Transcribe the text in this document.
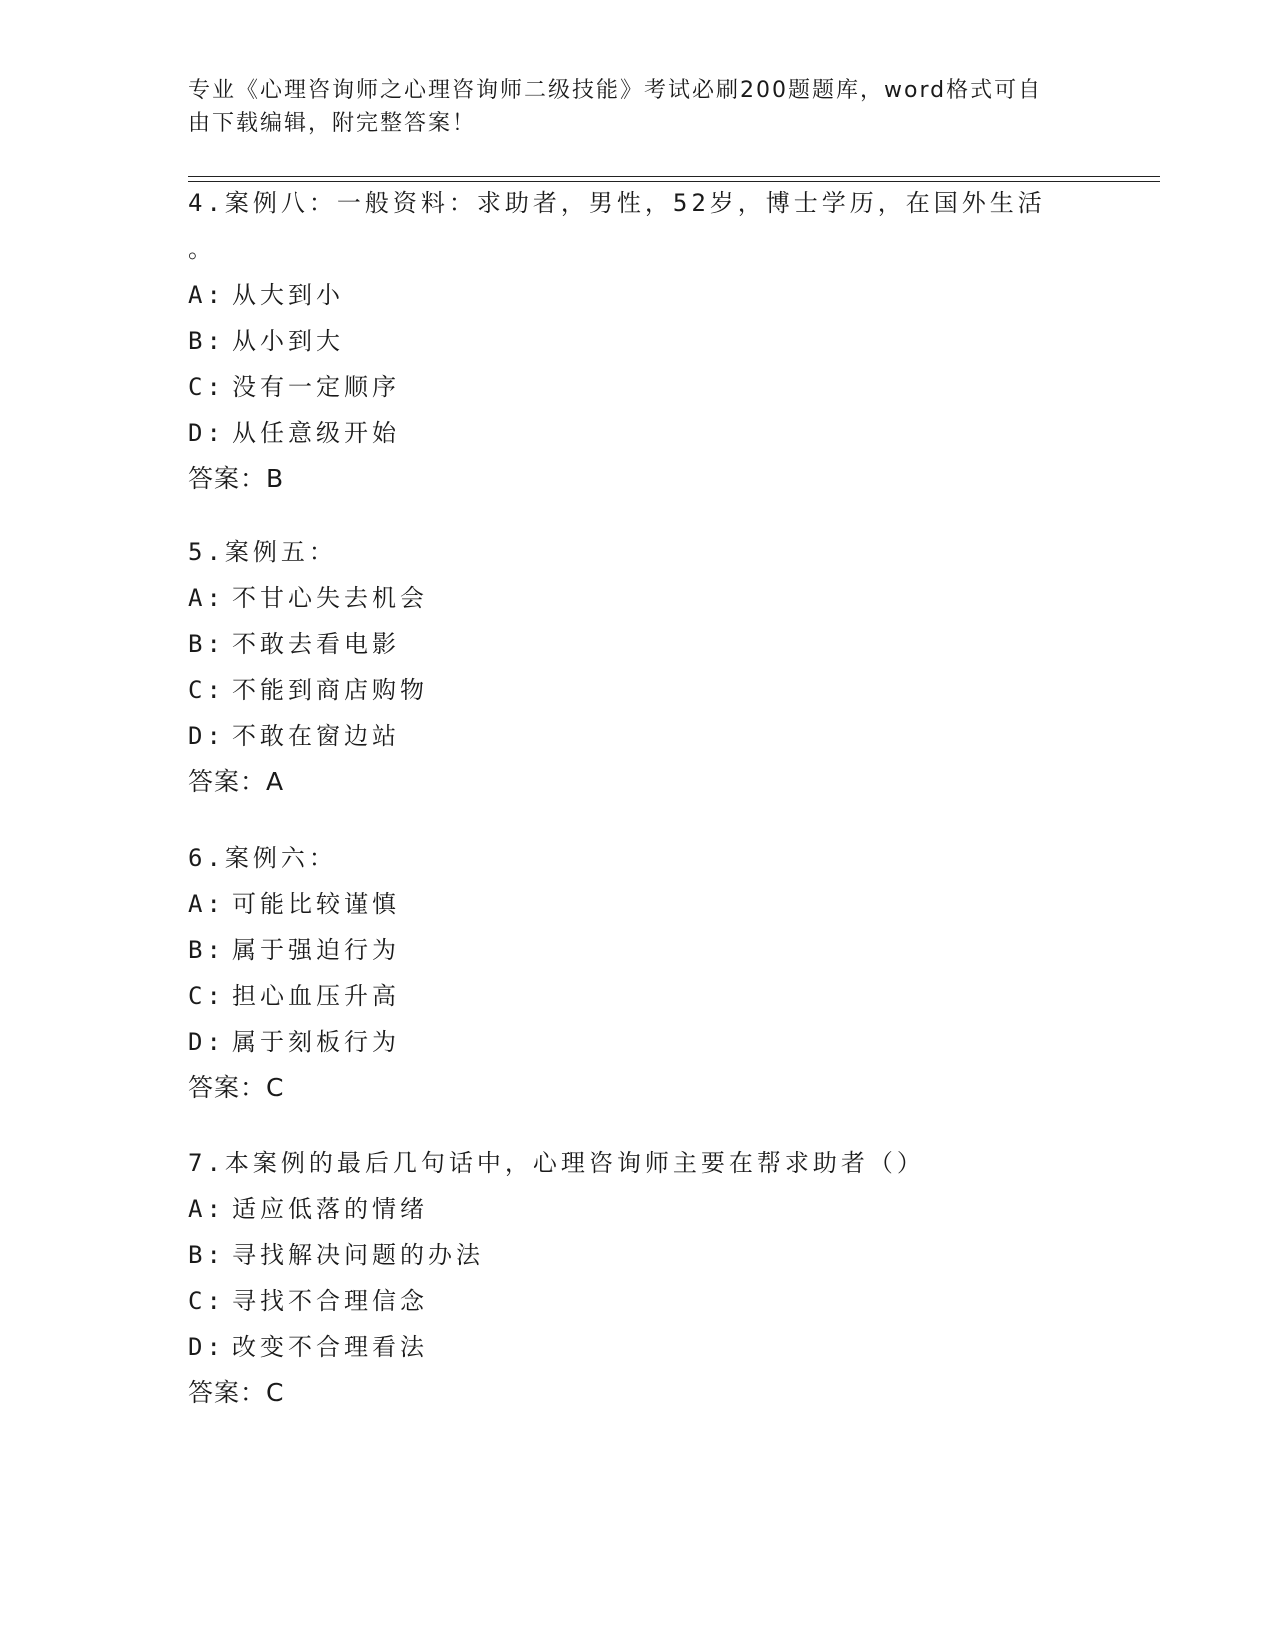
专业《心理咨询师之心理咨询师二级技能》考试必刷200题题库，word格式可自
由下载编辑，附完整答案！

4.案例八：一般资料：求助者，男性，52岁，博士学历，在国外生活

。

A: 从大到小
B: 从小到大
C: 没有一定顺序
D: 从任意级开始
答案：B

5.案例五：

A: 不甘心失去机会
B: 不敢去看电影
C: 不能到商店购物
D: 不敢在窗边站
答案：A

6.案例六：

A: 可能比较谨慎
B: 属于强迫行为
C: 担心血压升高
D: 属于刻板行为
答案：C

7.本案例的最后几句话中，心理咨询师主要在帮求助者（）

A: 适应低落的情绪
B: 寻找解决问题的办法
C: 寻找不合理信念
D: 改变不合理看法
答案：C
